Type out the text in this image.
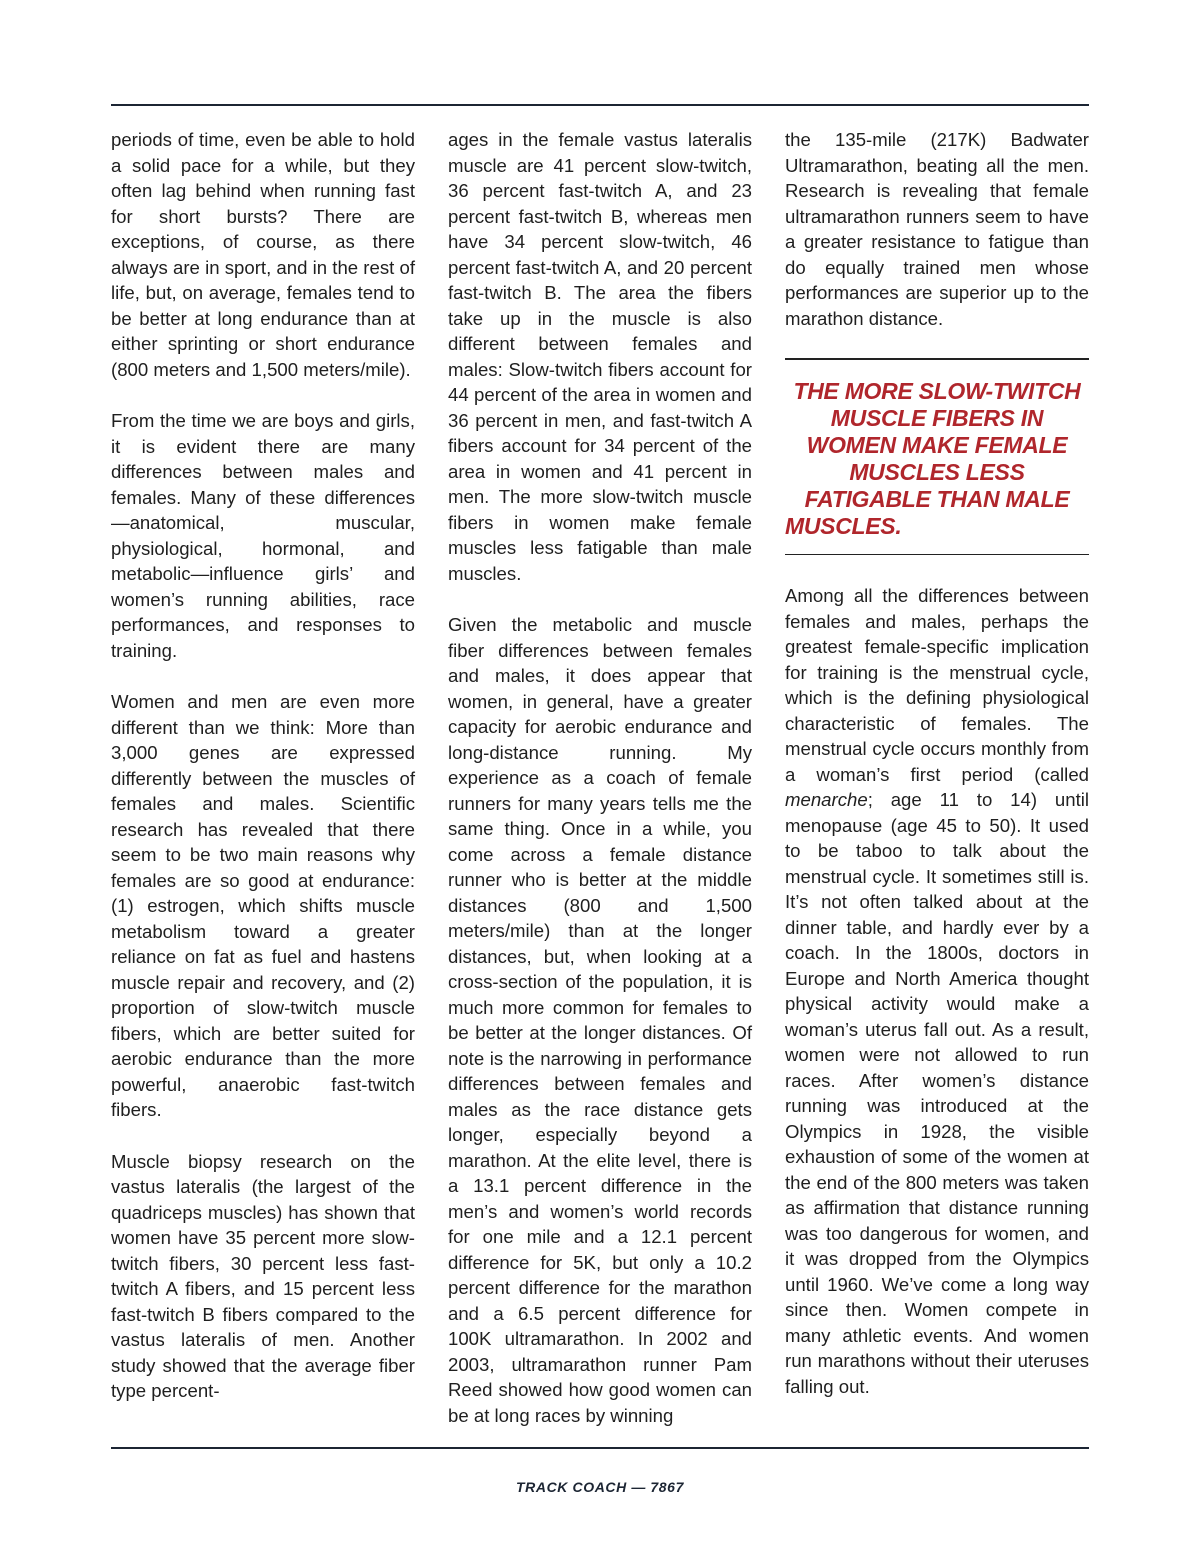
periods of time, even be able to hold a solid pace for a while, but they often lag behind when running fast for short bursts? There are exceptions, of course, as there always are in sport, and in the rest of life, but, on average, females tend to be better at long endurance than at either sprinting or short endurance (800 meters and 1,500 meters/mile).

From the time we are boys and girls, it is evident there are many differences between males and females. Many of these differences—anatomical, muscular, physiological, hormonal, and metabolic—influence girls’ and women’s running abilities, race performances, and responses to training.

Women and men are even more different than we think: More than 3,000 genes are expressed differently between the muscles of females and males. Scientific research has revealed that there seem to be two main reasons why females are so good at endurance: (1) estrogen, which shifts muscle metabolism toward a greater reliance on fat as fuel and hastens muscle repair and recovery, and (2) proportion of slow-twitch muscle fibers, which are better suited for aerobic endurance than the more powerful, anaerobic fast-twitch fibers.

Muscle biopsy research on the vastus lateralis (the largest of the quadriceps muscles) has shown that women have 35 percent more slow-twitch fibers, 30 percent less fast-twitch A fibers, and 15 percent less fast-twitch B fibers compared to the vastus lateralis of men. Another study showed that the average fiber type percent-

ages in the female vastus lateralis muscle are 41 percent slow-twitch, 36 percent fast-twitch A, and 23 percent fast-twitch B, whereas men have 34 percent slow-twitch, 46 percent fast-twitch A, and 20 percent fast-twitch B. The area the fibers take up in the muscle is also different between females and males: Slow-twitch fibers account for 44 percent of the area in women and 36 percent in men, and fast-twitch A fibers account for 34 percent of the area in women and 41 percent in men. The more slow-twitch muscle fibers in women make female muscles less fatigable than male muscles.

Given the metabolic and muscle fiber differences between females and males, it does appear that women, in general, have a greater capacity for aerobic endurance and long-distance running. My experience as a coach of female runners for many years tells me the same thing. Once in a while, you come across a female distance runner who is better at the middle distances (800 and 1,500 meters/mile) than at the longer distances, but, when looking at a cross-section of the population, it is much more common for females to be better at the longer distances. Of note is the narrowing in performance differences between females and males as the race distance gets longer, especially beyond a marathon. At the elite level, there is a 13.1 percent difference in the men’s and women’s world records for one mile and a 12.1 percent difference for 5K, but only a 10.2 percent difference for the marathon and a 6.5 percent difference for 100K ultramarathon. In 2002 and 2003, ultramarathon runner Pam Reed showed how good women can be at long races by winning

the 135-mile (217K) Badwater Ultramarathon, beating all the men. Research is revealing that female ultramarathon runners seem to have a greater resistance to fatigue than do equally trained men whose performances are superior up to the marathon distance.

THE MORE SLOW-TWITCH MUSCLE FIBERS IN WOMEN MAKE FEMALE MUSCLES LESS FATIGABLE THAN MALE MUSCLES.

Among all the differences between females and males, perhaps the greatest female-specific implication for training is the menstrual cycle, which is the defining physiological characteristic of females. The menstrual cycle occurs monthly from a woman’s first period (called menarche; age 11 to 14) until menopause (age 45 to 50). It used to be taboo to talk about the menstrual cycle. It sometimes still is. It’s not often talked about at the dinner table, and hardly ever by a coach. In the 1800s, doctors in Europe and North America thought physical activity would make a woman’s uterus fall out. As a result, women were not allowed to run races. After women’s distance running was introduced at the Olympics in 1928, the visible exhaustion of some of the women at the end of the 800 meters was taken as affirmation that distance running was too dangerous for women, and it was dropped from the Olympics until 1960. We’ve come a long way since then. Women compete in many athletic events. And women run marathons without their uteruses falling out.

TRACK COACH — 7867
